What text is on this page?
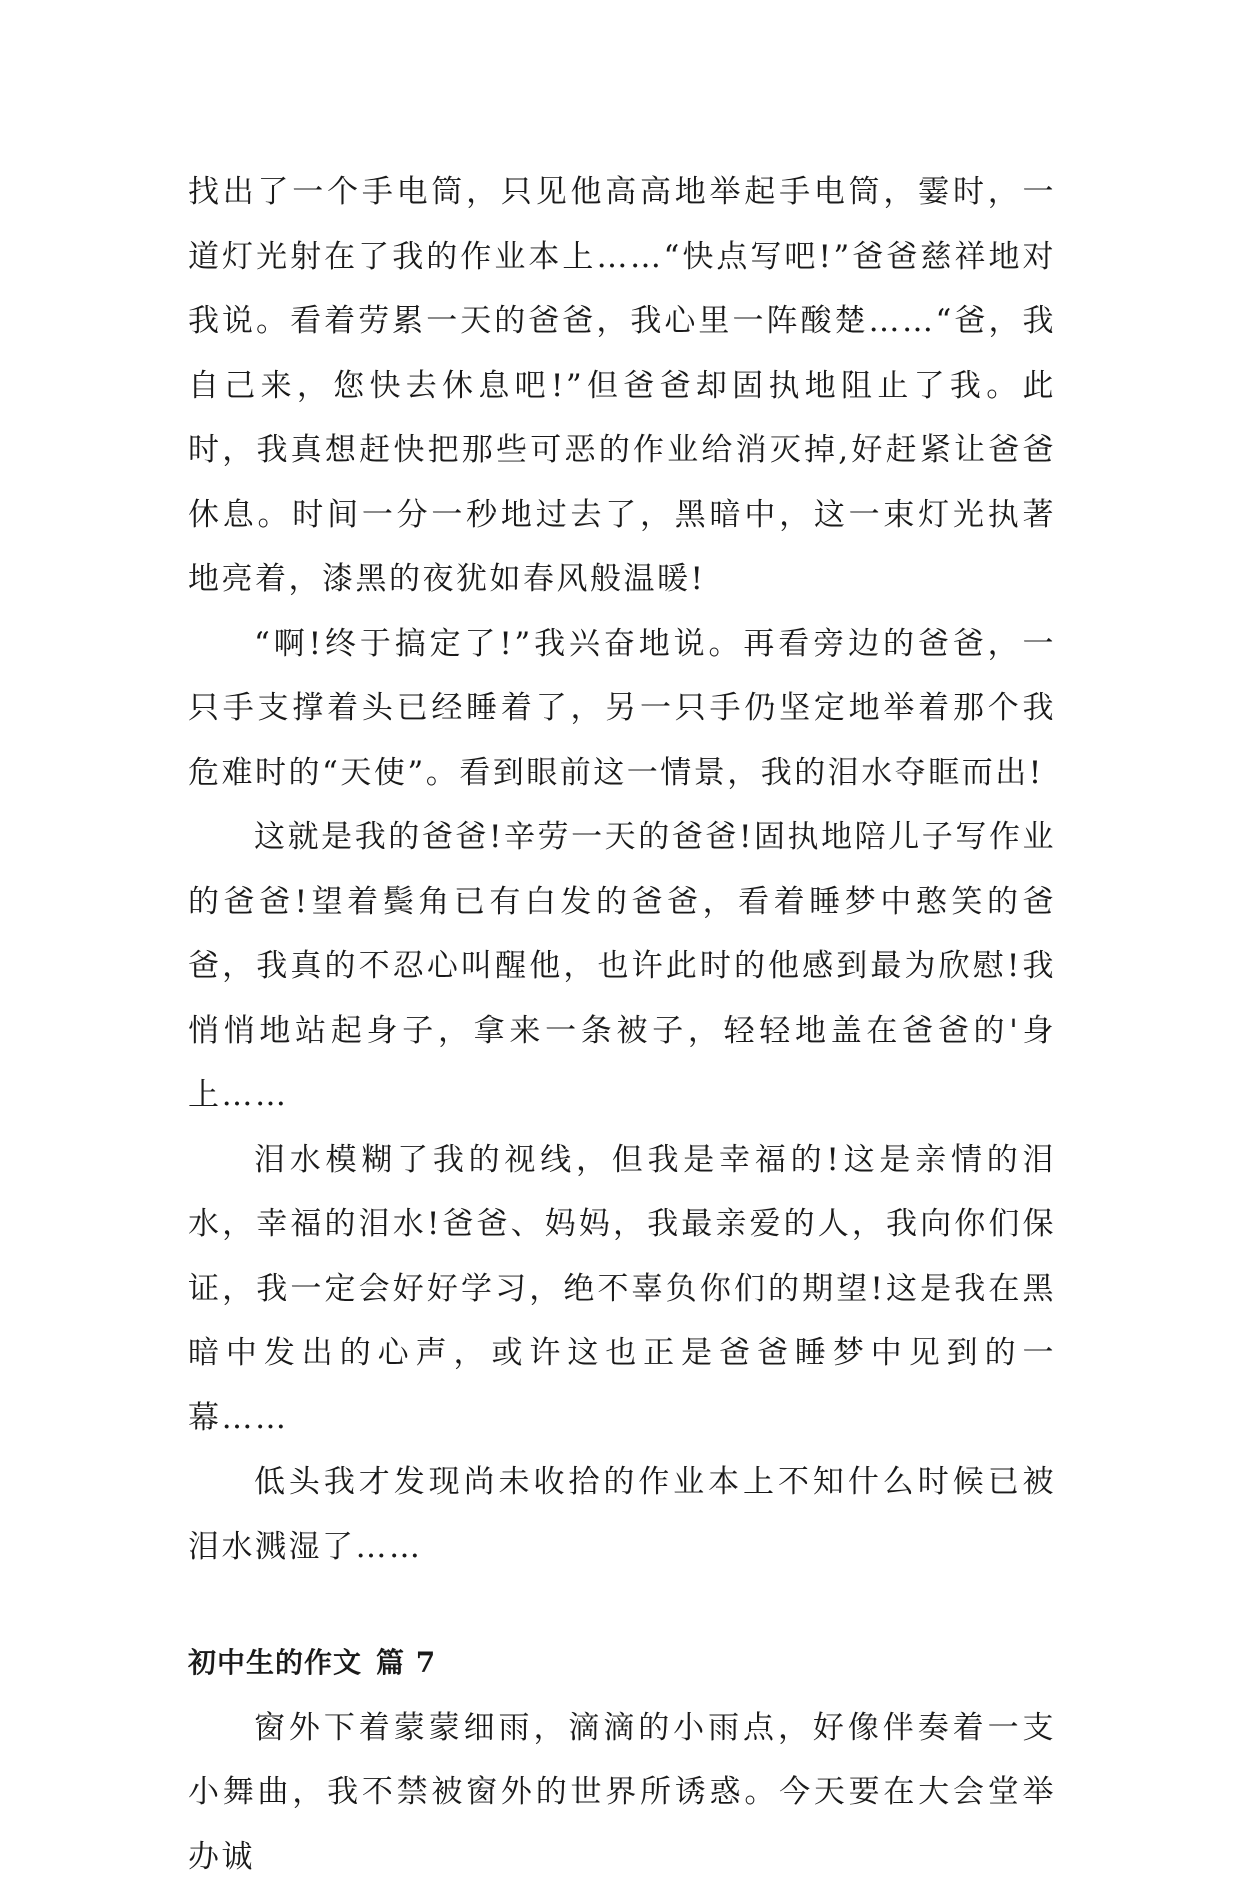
找出了一个手电筒，只见他高高地举起手电筒，霎时，一道灯光射在了我的作业本上……“快点写吧!”爸爸慈祥地对我说。看着劳累一天的爸爸，我心里一阵酸楚……“爸，我自己来，您快去休息吧!”但爸爸却固执地阻止了我。此时，我真想赶快把那些可恶的作业给消灭掉,好赶紧让爸爸休息。时间一分一秒地过去了，黑暗中，这一束灯光执著地亮着，漆黑的夜犹如春风般温暖!

“啊!终于搞定了!”我兴奋地说。再看旁边的爸爸，一只手支撑着头已经睡着了，另一只手仍坚定地举着那个我危难时的“天使”。看到眼前这一情景，我的泪水夺眶而出!

这就是我的爸爸!辛劳一天的爸爸!固执地陪儿子写作业的爸爸!望着鬓角已有白发的爸爸，看着睡梦中憨笑的爸爸，我真的不忍心叫醒他，也许此时的他感到最为欣慰!我悄悄地站起身子，拿来一条被子，轻轻地盖在爸爸的'身上……

泪水模糊了我的视线，但我是幸福的!这是亲情的泪水，幸福的泪水!爸爸、妈妈，我最亲爱的人，我向你们保证，我一定会好好学习，绝不辜负你们的期望!这是我在黑暗中发出的心声，或许这也正是爸爸睡梦中见到的一幕……

低头我才发现尚未收拾的作业本上不知什么时候已被泪水溅湿了……

初中生的作文 篇 7

窗外下着蒙蒙细雨，滴滴的小雨点，好像伴奏着一支小舞曲，我不禁被窗外的世界所诱惑。今天要在大会堂举办诚
